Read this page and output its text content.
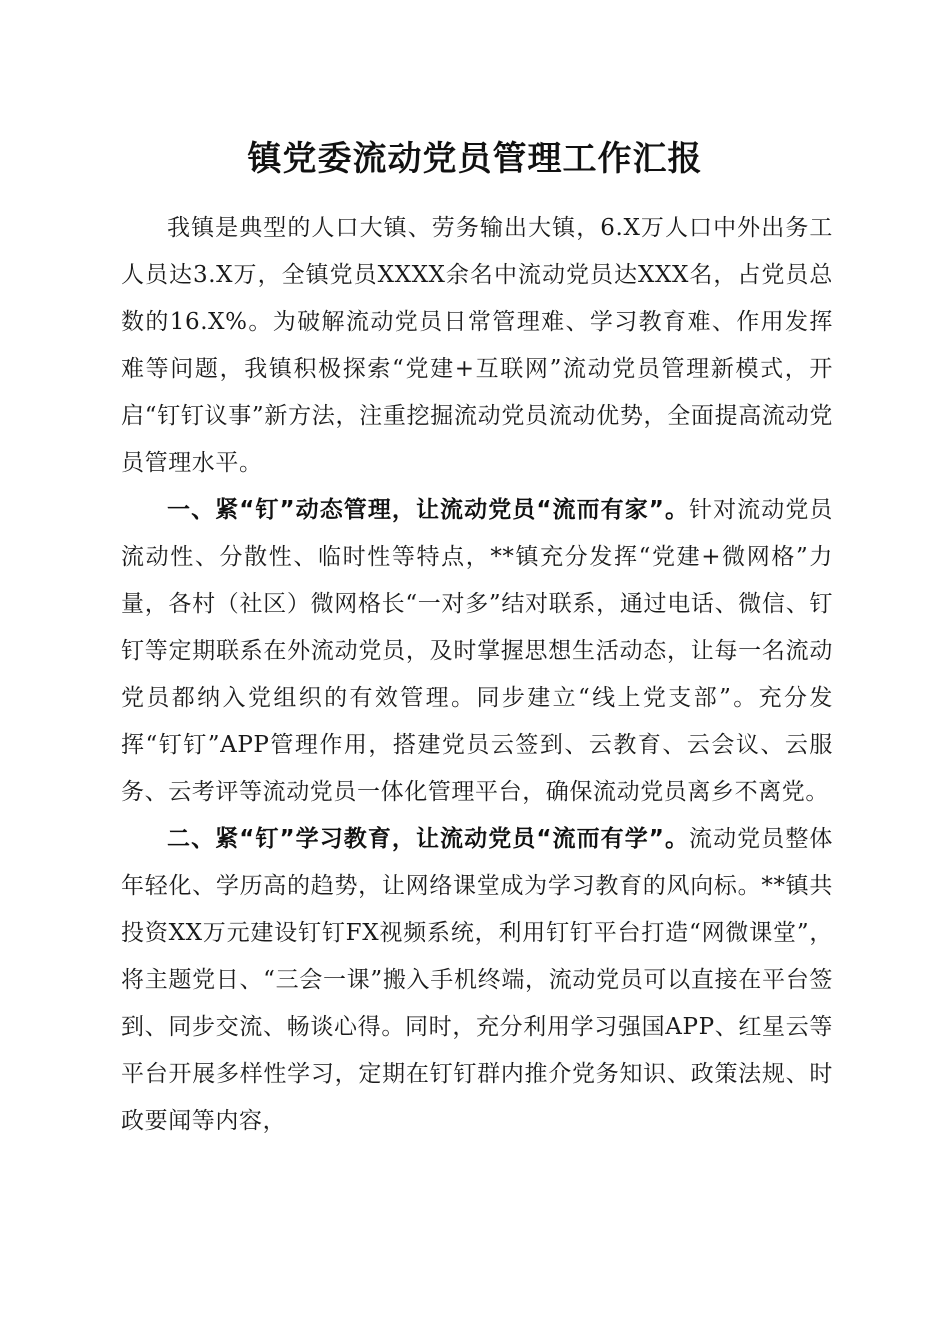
镇党委流动党员管理工作汇报

我镇是典型的人口大镇、劳务输出大镇，6.X万人口中外出务工人员达3.X万，全镇党员XXXX余名中流动党员达XXX名，占党员总数的16.X%。为破解流动党员日常管理难、学习教育难、作用发挥难等问题，我镇积极探索“党建+互联网”流动党员管理新模式，开启“钉钉议事”新方法，注重挖掘流动党员流动优势，全面提高流动党员管理水平。

一、紧“钉”动态管理，让流动党员“流而有家”。针对流动党员流动性、分散性、临时性等特点，**镇充分发挥“党建+微网格”力量，各村（社区）微网格长“一对多”结对联系，通过电话、微信、钉钉等定期联系在外流动党员，及时掌握思想生活动态，让每一名流动党员都纳入党组织的有效管理。同步建立“线上党支部”。充分发挥“钉钉”APP管理作用，搭建党员云签到、云教育、云会议、云服务、云考评等流动党员一体化管理平台，确保流动党员离乡不离党。

二、紧“钉”学习教育，让流动党员“流而有学”。流动党员整体年轻化、学历高的趋势，让网络课堂成为学习教育的风向标。**镇共投资XX万元建设钉钉FX视频系统，利用钉钉平台打造“网微课堂”，将主题党日、“三会一课”搬入手机终端，流动党员可以直接在平台签到、同步交流、畅谈心得。同时，充分利用学习强国APP、红星云等平台开展多样性学习，定期在钉钉群内推介党务知识、政策法规、时政要闻等内容，
